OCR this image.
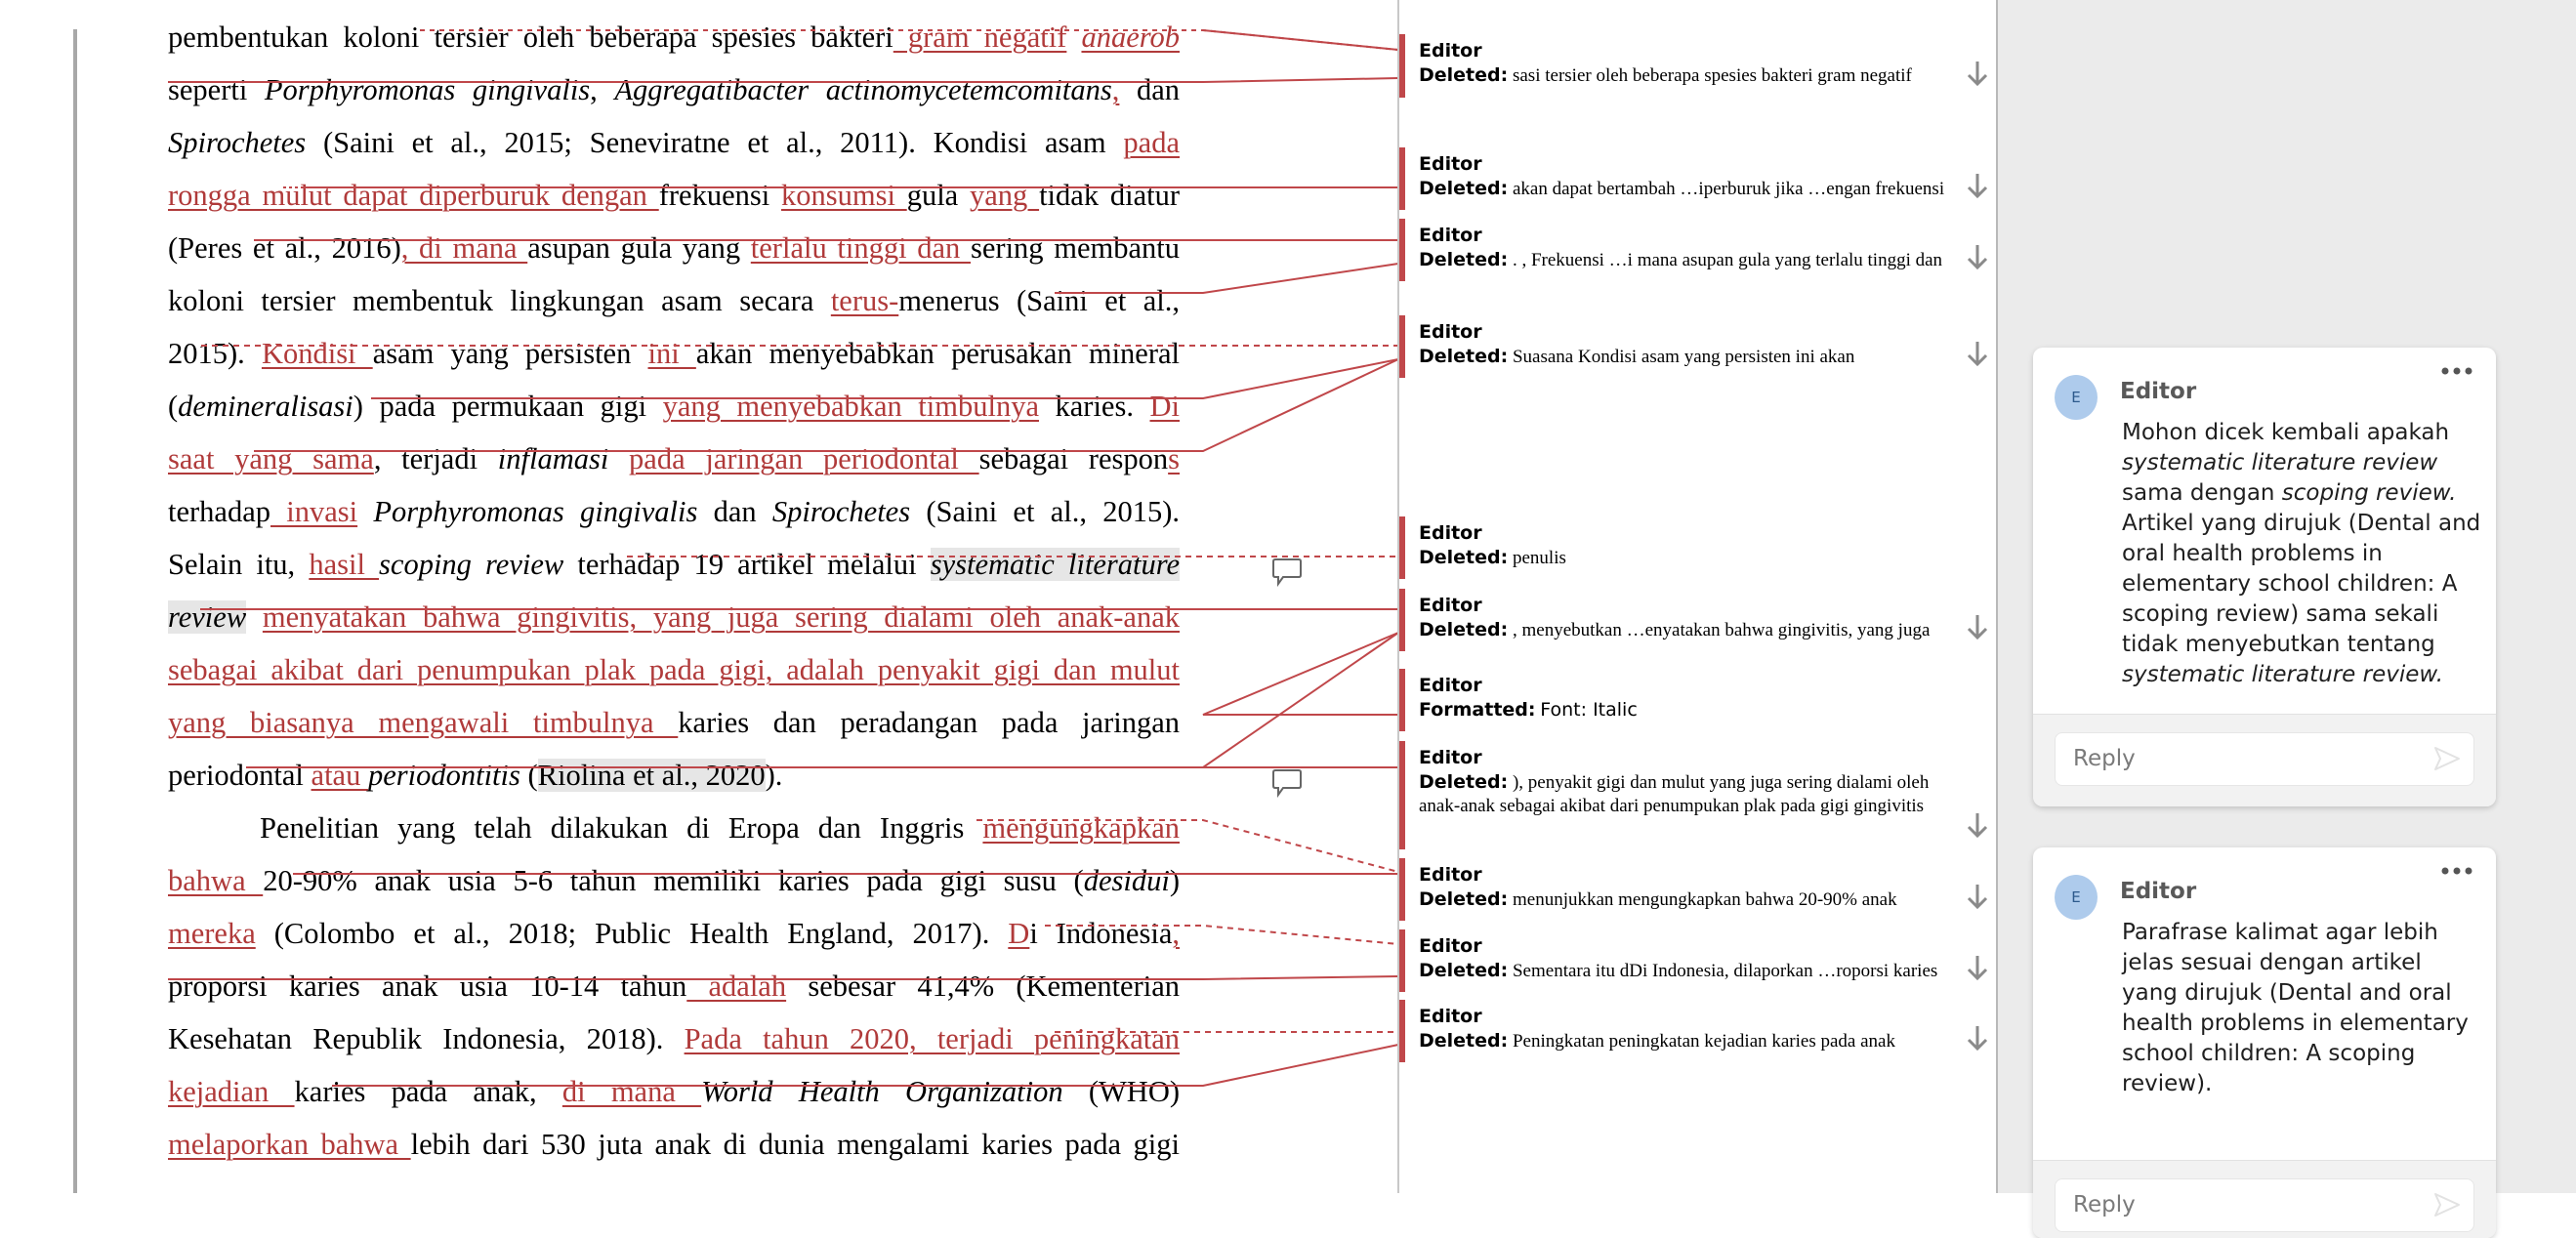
pembentukan koloni tersier oleh beberapa spesies bakteri gram negatif anaerob
seperti Porphyromonas gingivalis, Aggregatibacter actinomycetemcomitans, dan
Spirochetes (Saini et al., 2015; Seneviratne et al., 2011). Kondisi asam pada
rongga mulut dapat diperburuk dengan frekuensi konsumsi gula yang tidak diatur
(Peres et al., 2016), di mana asupan gula yang terlalu tinggi dan sering membantu
koloni tersier membentuk lingkungan asam secara terus-menerus (Saini et al.,
2015). Kondisi asam yang persisten ini akan menyebabkan perusakan mineral
(demineralisasi) pada permukaan gigi yang menyebabkan timbulnya karies. Di
saat yang sama, terjadi inflamasi pada jaringan periodontal sebagai respons
terhadap invasi Porphyromonas gingivalis dan Spirochetes (Saini et al., 2015).
Selain itu, hasil scoping review terhadap 19 artikel melalui systematic literature
review menyatakan bahwa gingivitis, yang juga sering dialami oleh anak-anak
sebagai akibat dari penumpukan plak pada gigi, adalah penyakit gigi dan mulut
yang biasanya mengawali timbulnya karies dan peradangan pada jaringan
periodontal atau periodontitis (Riolina et al., 2020).
Penelitian yang telah dilakukan di Eropa dan Inggris mengungkapkan
bahwa 20-90% anak usia 5-6 tahun memiliki karies pada gigi susu (desidui)
mereka (Colombo et al., 2018; Public Health England, 2017). Di Indonesia,
proporsi karies anak usia 10-14 tahun adalah sebesar 41,4% (Kementerian
Kesehatan Republik Indonesia, 2018). Pada tahun 2020, terjadi peningkatan
kejadian karies pada anak, di mana World Health Organization (WHO)
melaporkan bahwa lebih dari 530 juta anak di dunia mengalami karies pada gigi
Editor
Deleted: sasi tersier oleh beberapa spesies bakteri gram negatif
Editor
Deleted: akan dapat bertambah …iperburuk jika …engan frekuensi
Editor
Deleted: . , Frekuensi …i mana asupan gula yang terlalu tinggi dan
Editor
Deleted: Suasana Kondisi asam yang persisten ini akan
Editor
Deleted: penulis
Editor
Deleted: , menyebutkan …enyatakan bahwa gingivitis, yang juga
Editor
Formatted: Font: Italic
Editor
Deleted: ), penyakit gigi dan mulut yang juga sering dialami oleh anak-anak sebagai akibat dari penumpukan plak pada gigi gingivitis
Editor
Deleted: menunjukkan mengungkapkan bahwa 20-90% anak
Editor
Deleted: Sementara itu dDi Indonesia, dilaporkan …roporsi karies
Editor
Deleted: Peningkatan peningkatan kejadian karies pada anak
E	Editor
Mohon dicek kembali apakah systematic literature review sama dengan scoping review. Artikel yang dirujuk (Dental and oral health problems in elementary school children: A scoping review) sama sekali tidak menyebutkan tentang systematic literature review.
Reply
E	Editor
Parafrase kalimat agar lebih jelas sesuai dengan artikel yang dirujuk (Dental and oral health problems in elementary school children: A scoping review).
Reply
